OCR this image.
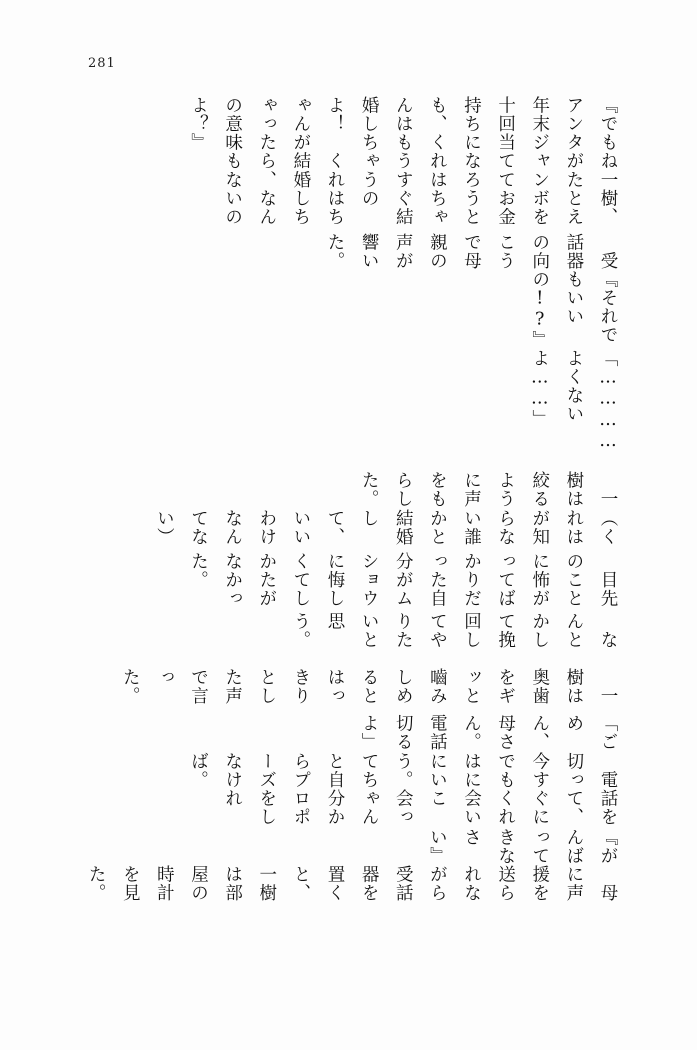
281

『でもね一樹、アンタがたとえ年末ジャンボを十回当ててお金持ちになろうとも、くれはちゃんはもうすぐ結婚しちゃうのよ！　くれはちゃんが結婚しちゃったら、なんの意味もないのよ？』

　受話器の向こうで母親の声が響いた。

『それでもいいの!?』

「…………よくないよ……」

　一樹は絞るように声をもらした。

（くれはが知らない誰かと結婚して、いいわけなんてない）

　目先のことに怖がってばかりだった自分がムショウに悔しくてしかたがなかった。

　なんとかして挽回してやりたいと思う。

　一樹は奥歯をギッと嚙みしめるとはっきりとした声で言った。

「ごめん、母さん。電話切るよ」

　電話を切って、今すぐにでもくれはに会いにいこう。会ってちゃんと自分からプロポーズをしなければ。

『がんばってきなさい』

　母に声援を送られながら受話器を置くと、一樹は部屋の時計を見た。
